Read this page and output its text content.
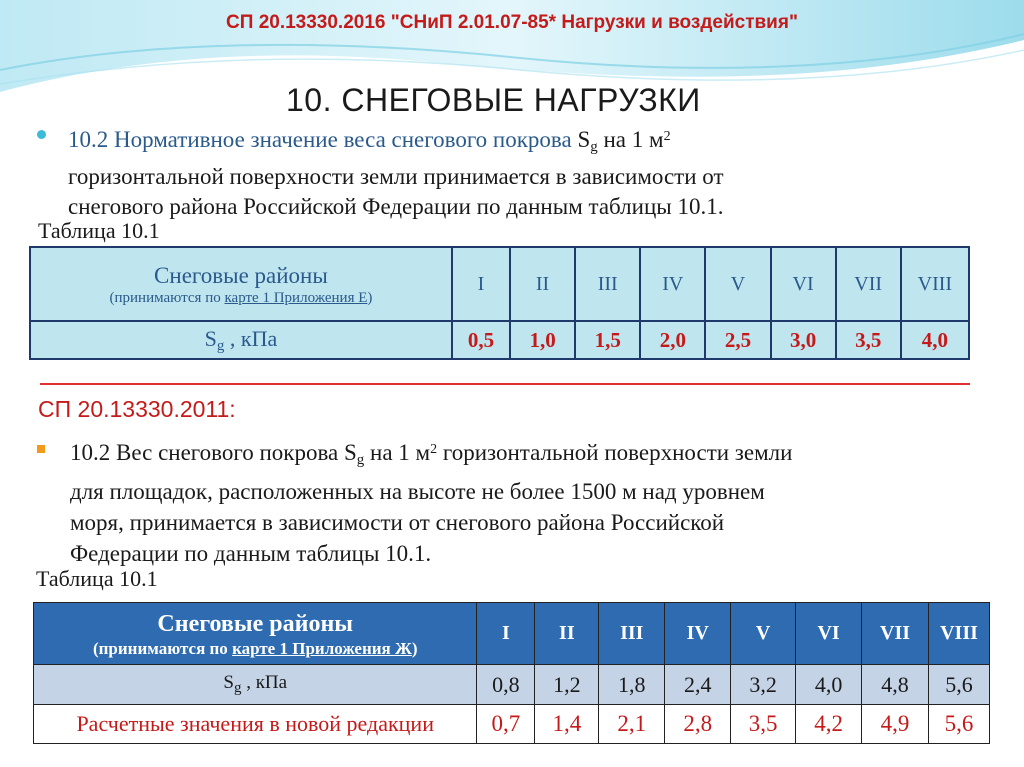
СП 20.13330.2016 "СНиП 2.01.07-85* Нагрузки и воздействия"
10. СНЕГОВЫЕ НАГРУЗКИ
10.2 Нормативное значение веса снегового покрова $S_g$ на 1 $м^2$
горизонтальной поверхности земли принимается в зависимости от
снегового района Российской Федерации по данным таблицы 10.1.
Таблица 10.1
Снеговые районы
(принимаются по карте 1 Приложения Е)	I	II	III	IV	V	VI	VII	VIII
$S_g$ , кПа	0,5	1,0	1,5	2,0	2,5	3,0	3,5	4,0
СП 20.13330.2011:
10.2 Вес снегового покрова $S_g$ на 1 $м^2$ горизонтальной поверхности земли
для площадок, расположенных на высоте не более 1500 м над уровнем
моря, принимается в зависимости от снегового района Российской
Федерации по данным таблицы 10.1.
Таблица 10.1
Снеговые районы
(принимаются по карте 1 Приложения Ж)	I	II	III	IV	V	VI	VII	VIII
$S_g$ , кПа	0,8	1,2	1,8	2,4	3,2	4,0	4,8	5,6
Расчетные значения в новой редакции	0,7	1,4	2,1	2,8	3,5	4,2	4,9	5,6
